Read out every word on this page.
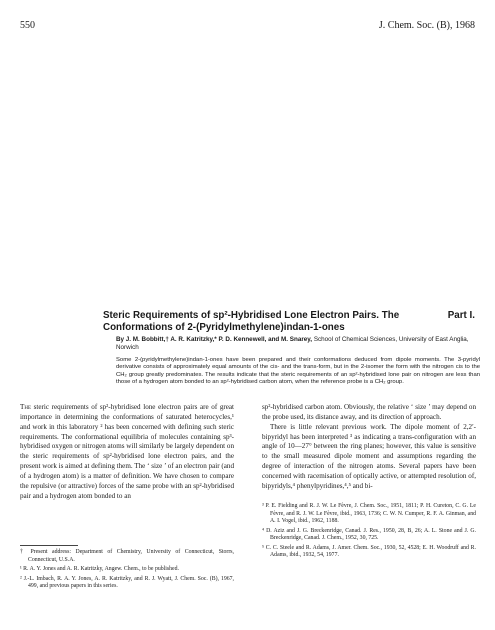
550	J. Chem. Soc. (B), 1968
Part I.
Steric Requirements of sp²-Hybridised Lone Electron Pairs. The Conformations of 2-(Pyridylmethylene)indan-1-ones
By J. M. Bobbitt,† A. R. Katritzky,* P. D. Kennewell, and M. Snarey, School of Chemical Sciences, University of East Anglia, Norwich
Some 2-(pyridylmethylene)indan-1-ones have been prepared and their conformations deduced from dipole moments. The 3-pyridyl derivative consists of approximately equal amounts of the cis- and the trans-form, but in the 2-isomer the form with the nitrogen cis to the CH₂ group greatly predominates. The results indicate that the steric requirements of an sp²-hybridised lone pair on nitrogen are less than those of a hydrogen atom bonded to an sp²-hybridised carbon atom, when the reference probe is a CH₂ group.

The steric requirements of sp²-hybridised lone electron pairs are of great importance in determining the conformations of saturated heterocycles,¹ and work in this laboratory ² has been concerned with defining such steric requirements. The conformational equilibria of molecules containing sp³-hybridised oxygen or nitrogen atoms will similarly be largely dependent on the steric requirements of sp²-hybridised lone electron pairs, and the present work is aimed at defining them. The ‘ size ’ of an electron pair (and of a hydrogen atom) is a matter of definition. We have chosen to compare the repulsive (or attractive) forces of the same probe with an sp²-hybridised pair and a hydrogen atom bonded to an

sp²-hybridised carbon atom. Obviously, the relative ‘ size ’ may depend on the probe used, its distance away, and its direction of approach.

There is little relevant previous work. The dipole moment of 2,2′-bipyridyl has been interpreted ³ as indicating a trans-configuration with an angle of 10—27° between the ring planes; however, this value is sensitive to the small measured dipole moment and assumptions regarding the degree of interaction of the nitrogen atoms. Several papers have been concerned with racemisation of optically active, or attempted resolution of, bipyridyls,⁴ phenylpyridines,⁴,⁵ and bi-

† Present address: Department of Chemistry, University of Connecticut, Storrs, Connecticut, U.S.A.

¹ R. A. Y. Jones and A. R. Katritzky, Angew. Chem., to be published.

² J.-L. Imbach, R. A. Y. Jones, A. R. Katritzky, and R. J. Wyatt, J. Chem. Soc. (B), 1967, 499, and previous papers in this series.

³ P. E. Fielding and R. J. W. Le Fèvre, J. Chem. Soc., 1951, 1811; P. H. Cureton, C. G. Le Fèvre, and R. J. W. Le Fèvre, ibid., 1963, 1736; C. W. N. Cumper, R. F. A. Ginman, and A. I. Vogel, ibid., 1962, 1188.

⁴ D. Aziz and J. G. Breckenridge, Canad. J. Res., 1950, 28, B, 26; A. L. Stone and J. G. Breckenridge, Canad. J. Chem., 1952, 30, 725.

⁵ C. C. Steele and R. Adams, J. Amer. Chem. Soc., 1930, 52, 4528; E. H. Woodruff and R. Adams, ibid., 1932, 54, 1977.
